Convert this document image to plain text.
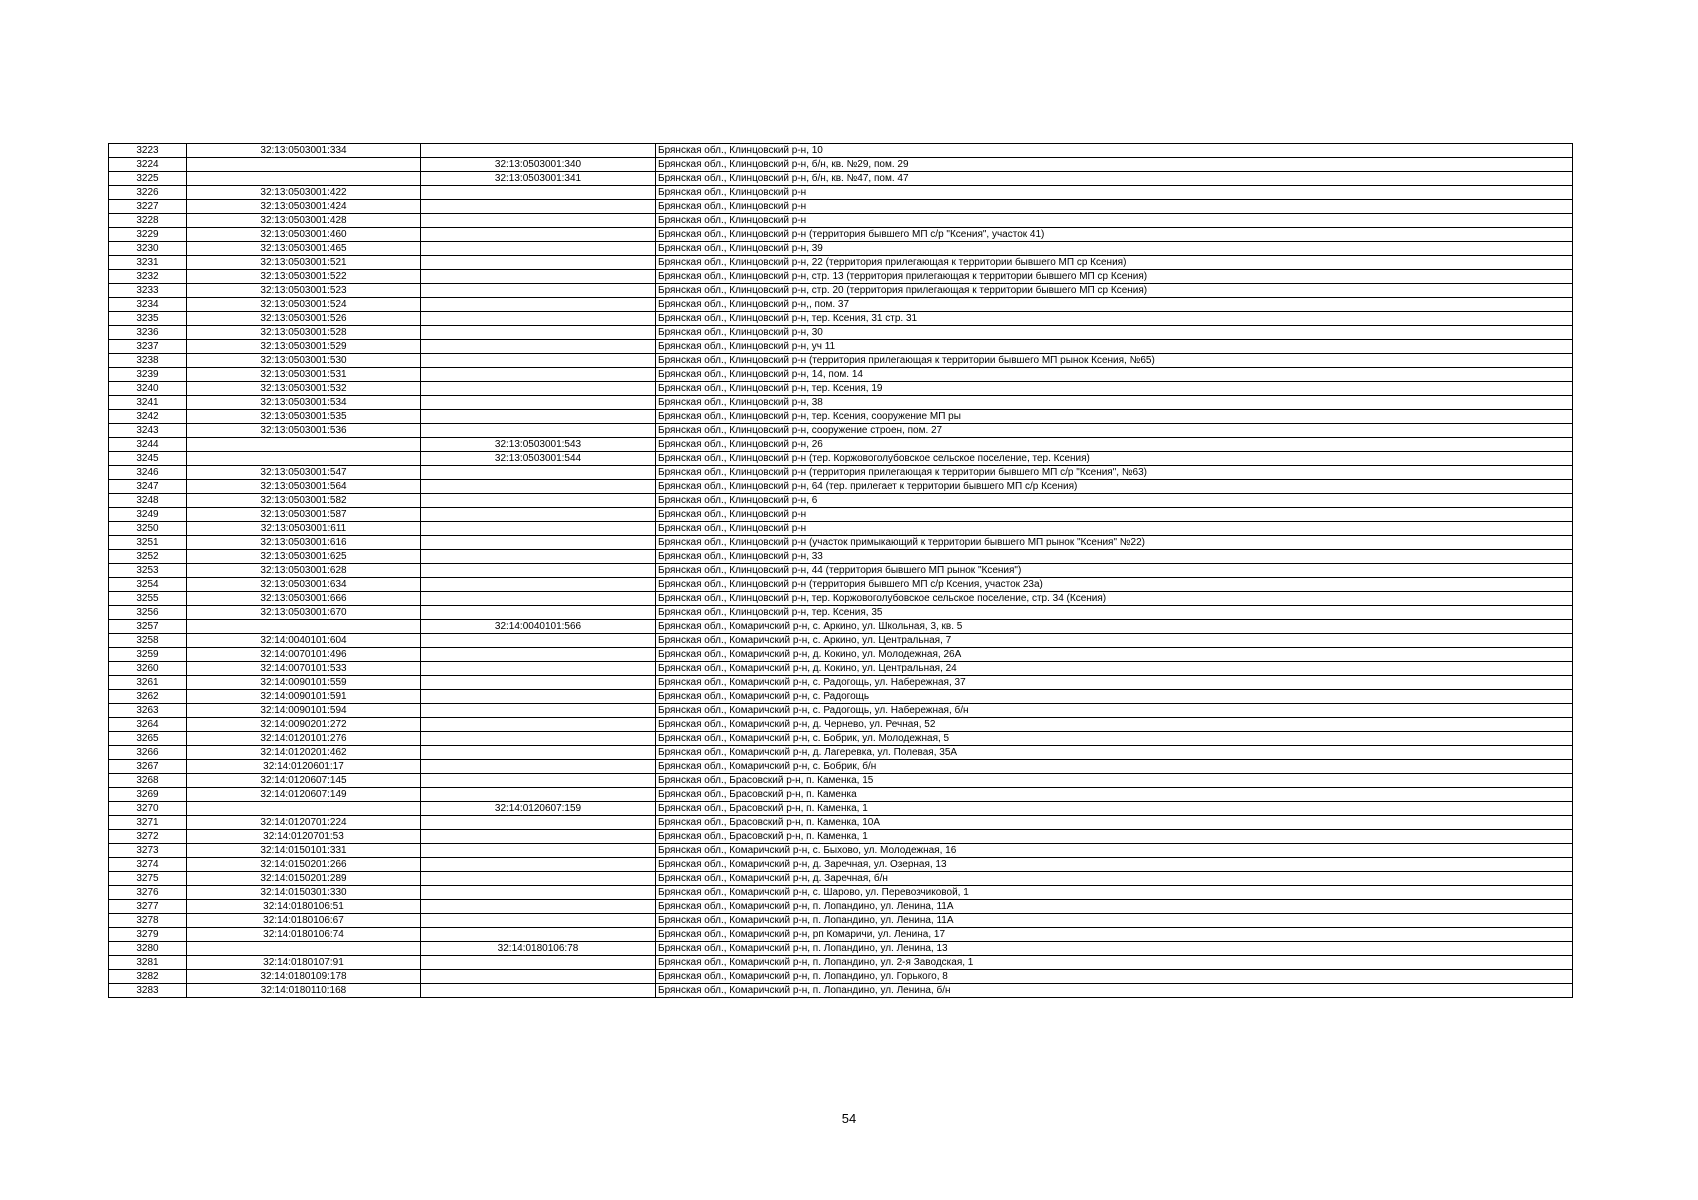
3223	32:13:0503001:334		Брянская обл., Клинцовский р-н, 10
3224		32:13:0503001:340	Брянская обл., Клинцовский р-н, б/н, кв. №29, пом. 29
3225		32:13:0503001:341	Брянская обл., Клинцовский р-н, б/н, кв. №47, пом. 47
3226	32:13:0503001:422		Брянская обл., Клинцовский р-н
3227	32:13:0503001:424		Брянская обл., Клинцовский р-н
3228	32:13:0503001:428		Брянская обл., Клинцовский р-н
3229	32:13:0503001:460		Брянская обл., Клинцовский р-н (территория бывшего МП с/р "Ксения", участок 41)
3230	32:13:0503001:465		Брянская обл., Клинцовский р-н, 39
3231	32:13:0503001:521		Брянская обл., Клинцовский р-н, 22 (территория прилегающая к территории бывшего МП ср Ксения)
3232	32:13:0503001:522		Брянская обл., Клинцовский р-н, стр. 13 (территория прилегающая к территории бывшего МП ср Ксения)
3233	32:13:0503001:523		Брянская обл., Клинцовский р-н, стр. 20 (территория прилегающая к территории бывшего МП ср Ксения)
3234	32:13:0503001:524		Брянская обл., Клинцовский р-н,, пом. 37
3235	32:13:0503001:526		Брянская обл., Клинцовский р-н, тер. Ксения, 31 стр. 31
3236	32:13:0503001:528		Брянская обл., Клинцовский р-н, 30
3237	32:13:0503001:529		Брянская обл., Клинцовский р-н, уч 11
3238	32:13:0503001:530		Брянская обл., Клинцовский р-н (территория прилегающая к территории бывшего МП рынок Ксения, №65)
3239	32:13:0503001:531		Брянская обл., Клинцовский р-н, 14, пом. 14
3240	32:13:0503001:532		Брянская обл., Клинцовский р-н, тер. Ксения, 19
3241	32:13:0503001:534		Брянская обл., Клинцовский р-н, 38
3242	32:13:0503001:535		Брянская обл., Клинцовский р-н, тер. Ксения, сооружение МП ры
3243	32:13:0503001:536		Брянская обл., Клинцовский р-н, сооружение строен, пом. 27
3244		32:13:0503001:543	Брянская обл., Клинцовский р-н, 26
3245		32:13:0503001:544	Брянская обл., Клинцовский р-н (тер. Коржовоголубовское сельское поселение, тер. Ксения)
3246	32:13:0503001:547		Брянская обл., Клинцовский р-н (территория прилегающая к территории бывшего МП с/р "Ксения", №63)
3247	32:13:0503001:564		Брянская обл., Клинцовский р-н, 64 (тер. прилегает к территории бывшего МП с/р Ксения)
3248	32:13:0503001:582		Брянская обл., Клинцовский р-н, 6
3249	32:13:0503001:587		Брянская обл., Клинцовский р-н
3250	32:13:0503001:611		Брянская обл., Клинцовский р-н
3251	32:13:0503001:616		Брянская обл., Клинцовский р-н (участок примыкающий к территории бывшего МП рынок "Ксения" №22)
3252	32:13:0503001:625		Брянская обл., Клинцовский р-н, 33
3253	32:13:0503001:628		Брянская обл., Клинцовский р-н, 44 (территория бывшего МП рынок "Ксения")
3254	32:13:0503001:634		Брянская обл., Клинцовский р-н (территория бывшего МП с/р Ксения, участок 23а)
3255	32:13:0503001:666		Брянская обл., Клинцовский р-н, тер. Коржовоголубовское сельское поселение, стр. 34 (Ксения)
3256	32:13:0503001:670		Брянская обл., Клинцовский р-н, тер. Ксения, 35
3257		32:14:0040101:566	Брянская обл., Комаричский р-н, с. Аркино, ул. Школьная, 3, кв. 5
3258	32:14:0040101:604		Брянская обл., Комаричский р-н, с. Аркино, ул. Центральная, 7
3259	32:14:0070101:496		Брянская обл., Комаричский р-н, д. Кокино, ул. Молодежная, 26А
3260	32:14:0070101:533		Брянская обл., Комаричский р-н, д. Кокино, ул. Центральная, 24
3261	32:14:0090101:559		Брянская обл., Комаричский р-н, с. Радогощь, ул. Набережная, 37
3262	32:14:0090101:591		Брянская обл., Комаричский р-н, с. Радогощь
3263	32:14:0090101:594		Брянская обл., Комаричский р-н, с. Радогощь, ул. Набережная, б/н
3264	32:14:0090201:272		Брянская обл., Комаричский р-н, д. Чернево, ул. Речная, 52
3265	32:14:0120101:276		Брянская обл., Комаричский р-н, с. Бобрик, ул. Молодежная, 5
3266	32:14:0120201:462		Брянская обл., Комаричский р-н, д. Лагеревка, ул. Полевая, 35А
3267	32:14:0120601:17		Брянская обл., Комаричский р-н, с. Бобрик, б/н
3268	32:14:0120607:145		Брянская обл., Брасовский р-н, п. Каменка, 15
3269	32:14:0120607:149		Брянская обл., Брасовский р-н, п. Каменка
3270		32:14:0120607:159	Брянская обл., Брасовский р-н, п. Каменка, 1
3271	32:14:0120701:224		Брянская обл., Брасовский р-н, п. Каменка, 10А
3272	32:14:0120701:53		Брянская обл., Брасовский р-н, п. Каменка, 1
3273	32:14:0150101:331		Брянская обл., Комаричский р-н, с. Быхово, ул. Молодежная, 16
3274	32:14:0150201:266		Брянская обл., Комаричский р-н, д. Заречная, ул. Озерная, 13
3275	32:14:0150201:289		Брянская обл., Комаричский р-н, д. Заречная, б/н
3276	32:14:0150301:330		Брянская обл., Комаричский р-н, с. Шарово, ул. Перевозчиковой, 1
3277	32:14:0180106:51		Брянская обл., Комаричский р-н, п. Лопандино, ул. Ленина, 11А
3278	32:14:0180106:67		Брянская обл., Комаричский р-н, п. Лопандино, ул. Ленина, 11А
3279	32:14:0180106:74		Брянская обл., Комаричский р-н, рп Комаричи, ул. Ленина, 17
3280		32:14:0180106:78	Брянская обл., Комаричский р-н, п. Лопандино, ул. Ленина, 13
3281	32:14:0180107:91		Брянская обл., Комаричский р-н, п. Лопандино, ул. 2-я Заводская, 1
3282	32:14:0180109:178		Брянская обл., Комаричский р-н, п. Лопандино, ул. Горького, 8
3283	32:14:0180110:168		Брянская обл., Комаричский р-н, п. Лопандино, ул. Ленина, б/н
54
